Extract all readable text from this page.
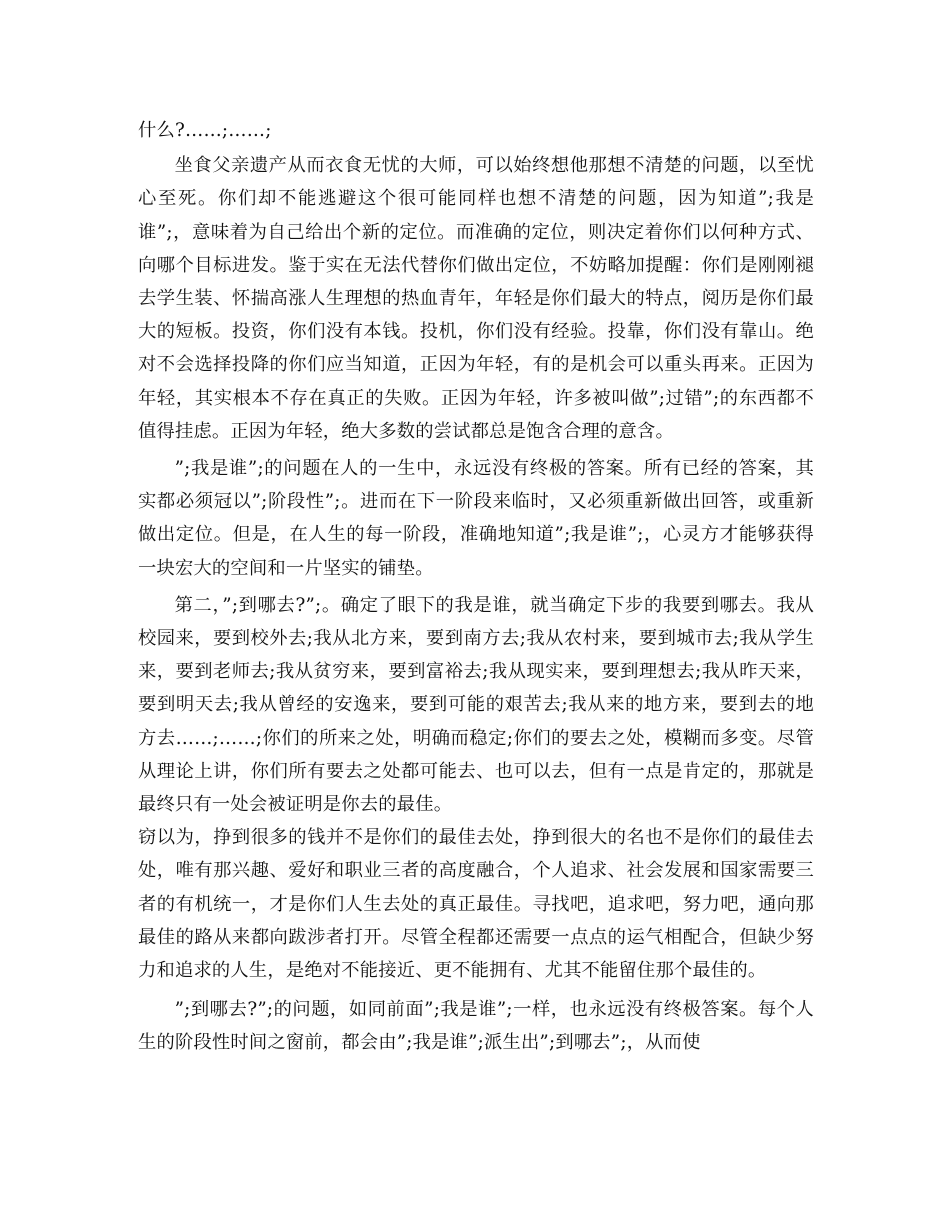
什么?……;……;

坐食父亲遗产从而衣食无忧的大师，可以始终想他那想不清楚的问题，以至忧心至死。你们却不能逃避这个很可能同样也想不清楚的问题，因为知道”;我是谁”;，意味着为自己给出个新的定位。而准确的定位，则决定着你们以何种方式、向哪个目标进发。鉴于实在无法代替你们做出定位，不妨略加提醒：你们是刚刚褪去学生装、怀揣高涨人生理想的热血青年，年轻是你们最大的特点，阅历是你们最大的短板。投资，你们没有本钱。投机，你们没有经验。投靠，你们没有靠山。绝对不会选择投降的你们应当知道，正因为年轻，有的是机会可以重头再来。正因为年轻，其实根本不存在真正的失败。正因为年轻，许多被叫做”;过错”;的东西都不值得挂虑。正因为年轻，绝大多数的尝试都总是饱含合理的意含。

”;我是谁”;的问题在人的一生中，永远没有终极的答案。所有已经的答案，其实都必须冠以”;阶段性”;。进而在下一阶段来临时，又必须重新做出回答，或重新做出定位。但是，在人生的每一阶段，准确地知道”;我是谁”;，心灵方才能够获得一块宏大的空间和一片坚实的铺垫。

第二，”;到哪去?”;。确定了眼下的我是谁，就当确定下步的我要到哪去。我从校园来，要到校外去;我从北方来，要到南方去;我从农村来，要到城市去;我从学生来，要到老师去;我从贫穷来，要到富裕去;我从现实来，要到理想去;我从昨天来，要到明天去;我从曾经的安逸来，要到可能的艰苦去;我从来的地方来，要到去的地方去……;……;你们的所来之处，明确而稳定;你们的要去之处，模糊而多变。尽管从理论上讲，你们所有要去之处都可能去、也可以去，但有一点是肯定的，那就是最终只有一处会被证明是你去的最佳。

窃以为，挣到很多的钱并不是你们的最佳去处，挣到很大的名也不是你们的最佳去处，唯有那兴趣、爱好和职业三者的高度融合，个人追求、社会发展和国家需要三者的有机统一，才是你们人生去处的真正最佳。寻找吧，追求吧，努力吧，通向那最佳的路从来都向跋涉者打开。尽管全程都还需要一点点的运气相配合，但缺少努力和追求的人生，是绝对不能接近、更不能拥有、尤其不能留住那个最佳的。

”;到哪去?”;的问题，如同前面”;我是谁”;一样，也永远没有终极答案。每个人生的阶段性时间之窗前，都会由”;我是谁”;派生出”;到哪去”;，从而使
